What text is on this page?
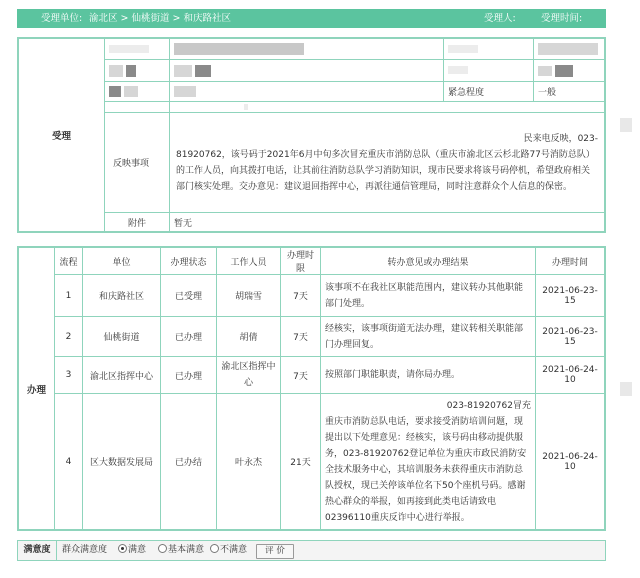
受理单位: 渝北区 > 仙桃街道 > 和庆路社区	受理人:	受理时间:
受理				

			紧急程度	一般

	反映事项	民来电反映，023-
81920762，该号码于2021年6月中旬多次冒充重庆市消防总队（重庆市渝北区云杉北路77号消防总队）的工作人员，向其拨打电话，让其前往消防总队学习消防知识，现市民要求将该号码停机，希望政府相关部门核实处理。交办意见：建议退回指挥中心，再派往通信管理局，同时注意群众个人信息的保密。		

	附件	暂无		
办理	流程	单位	办理状态	工作人员	办理时限	转办意见或办理结果	办理时间
	1	和庆路社区	已受理	胡瑞雪	7天	该事项不在我社区职能范围内，建议转办其他职能部门处理。	2021-06-23-15
	2	仙桃街道	已办理	胡倩	7天	经核实，该事项街道无法办理，建议转相关职能部门办理回复。	2021-06-23-15
	3	渝北区指挥中心	已办理	渝北区指挥中心	7天	按照部门职能职责，请你局办理。	2021-06-24-10
	4	区大数据发展局	已办结	叶永杰	21天	023-81920762冒充
重庆市消防总队电话，要求接受消防培训问题，现提出以下处理意见：经核实，该号码由移动提供服务，023-81920762登记单位为重庆市政民消防安全技术服务中心，其培训服务未获得重庆市消防总队授权，现已关停该单位名下50个座机号码。感谢热心群众的举报，如再接到此类电话请致电02396110重庆反诈中心进行举报。	2021-06-24-10
满意度	群众满意度	满意	基本满意	不满意	评 价
